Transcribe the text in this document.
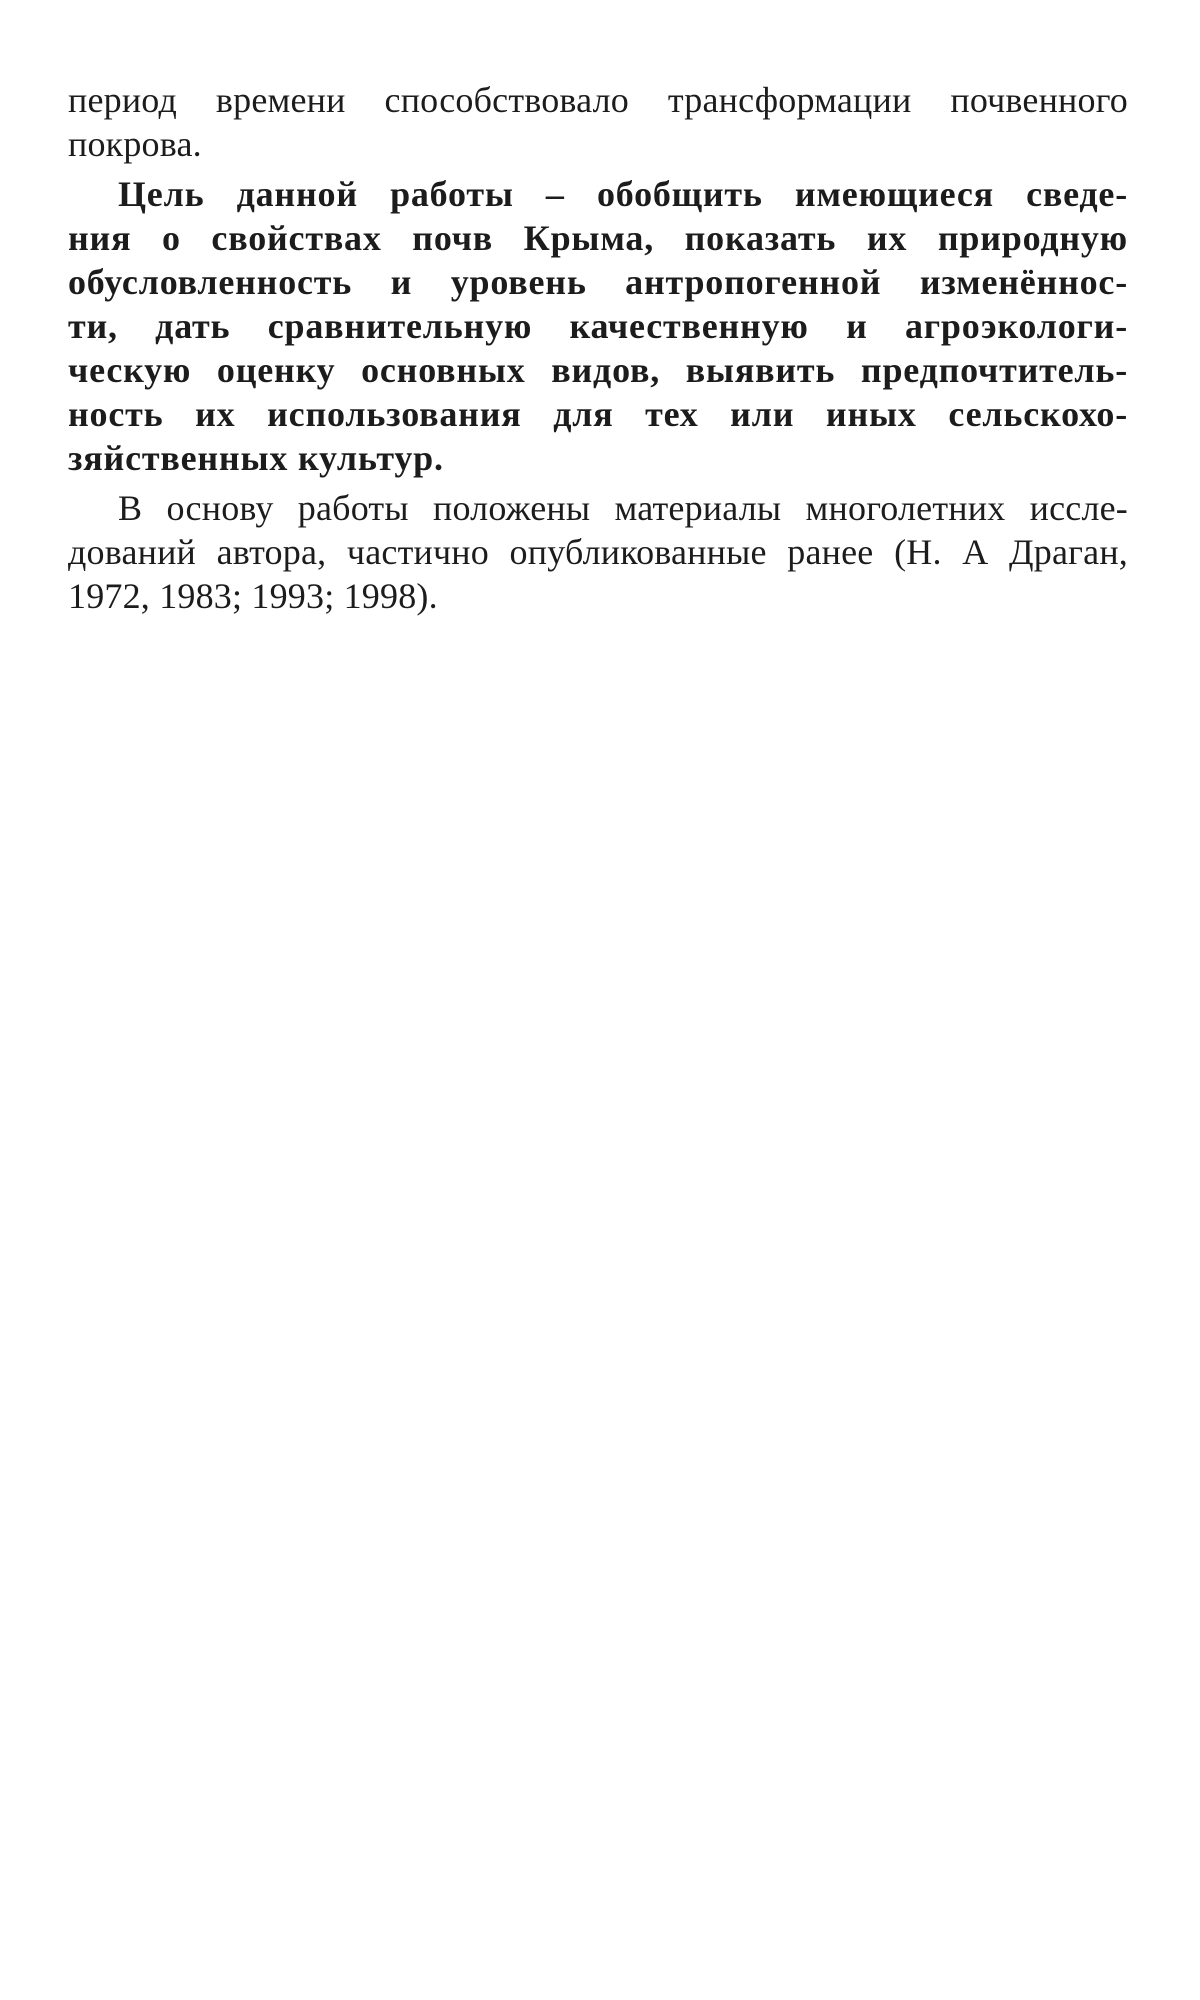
период времени способствовало трансформации почвенного
покрова.

Цель данной работы – обобщить имеющиеся сведе-
ния о свойствах почв Крыма, показать их природную
обусловленность и уровень антропогенной изменённос-
ти, дать сравнительную качественную и агроэкологи-
ческую оценку основных видов, выявить предпочтитель-
ность их использования для тех или иных сельскохо-
зяйственных культур.

В основу работы положены материалы многолетних иссле-
дований автора, частично опубликованные ранее (Н. А Драган,
1972, 1983; 1993; 1998).
